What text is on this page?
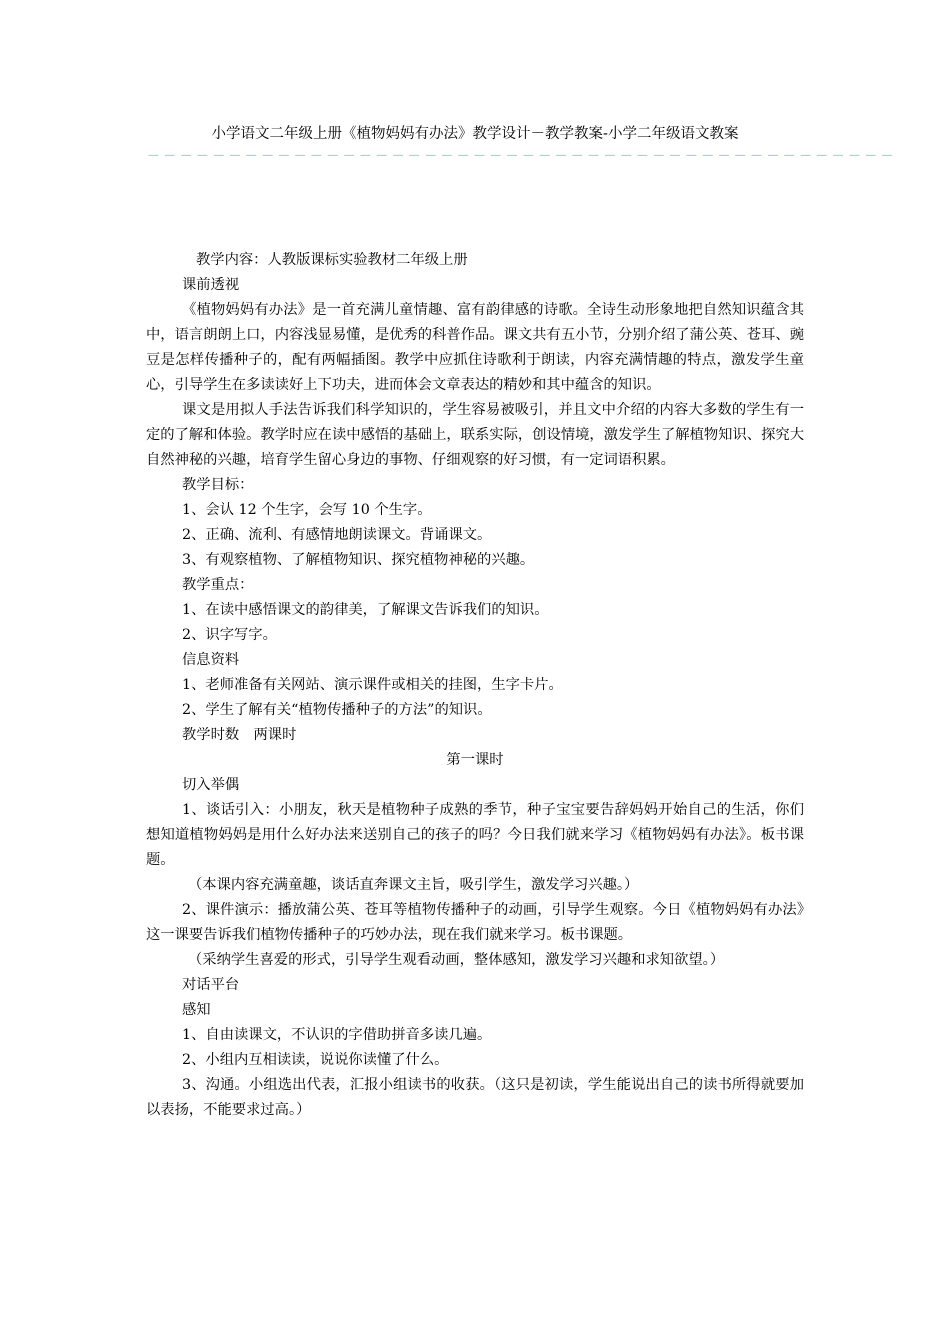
小学语文二年级上册《植物妈妈有办法》教学设计－教学教案-小学二年级语文教案
－－－－－－－－－－－－－－－－－－－－－－－－－－－－－－－－－－－－－－－－－－－－－－

教学内容：人教版课标实验教材二年级上册

课前透视

《植物妈妈有办法》是一首充满儿童情趣、富有韵律感的诗歌。全诗生动形象地把自然知识蕴含其中，语言朗朗上口，内容浅显易懂，是优秀的科普作品。课文共有五小节，分别介绍了蒲公英、苍耳、豌豆是怎样传播种子的，配有两幅插图。教学中应抓住诗歌利于朗读，内容充满情趣的特点，激发学生童心，引导学生在多读读好上下功夫，进而体会文章表达的精妙和其中蕴含的知识。

课文是用拟人手法告诉我们科学知识的，学生容易被吸引，并且文中介绍的内容大多数的学生有一定的了解和体验。教学时应在读中感悟的基础上，联系实际，创设情境，激发学生了解植物知识、探究大自然神秘的兴趣，培育学生留心身边的事物、仔细观察的好习惯，有一定词语积累。

教学目标：

1、会认 12 个生字，会写 10 个生字。

2、正确、流利、有感情地朗读课文。背诵课文。

3、有观察植物、了解植物知识、探究植物神秘的兴趣。

教学重点：

1、在读中感悟课文的韵律美，了解课文告诉我们的知识。

2、识字写字。

信息资料

1、老师准备有关网站、演示课件或相关的挂图，生字卡片。

2、学生了解有关“植物传播种子的方法”的知识。

教学时数　两课时

第一课时

切入举偶

1、谈话引入：小朋友，秋天是植物种子成熟的季节，种子宝宝要告辞妈妈开始自己的生活，你们想知道植物妈妈是用什么好办法来送别自己的孩子的吗？今日我们就来学习《植物妈妈有办法》。板书课题。

（本课内容充满童趣，谈话直奔课文主旨，吸引学生，激发学习兴趣。）

2、课件演示：播放蒲公英、苍耳等植物传播种子的动画，引导学生观察。今日《植物妈妈有办法》这一课要告诉我们植物传播种子的巧妙办法，现在我们就来学习。板书课题。

（采纳学生喜爱的形式，引导学生观看动画，整体感知，激发学习兴趣和求知欲望。）

对话平台

感知

1、自由读课文，不认识的字借助拼音多读几遍。

2、小组内互相读读，说说你读懂了什么。

3、沟通。小组选出代表，汇报小组读书的收获。（这只是初读，学生能说出自己的读书所得就要加以表扬，不能要求过高。）
